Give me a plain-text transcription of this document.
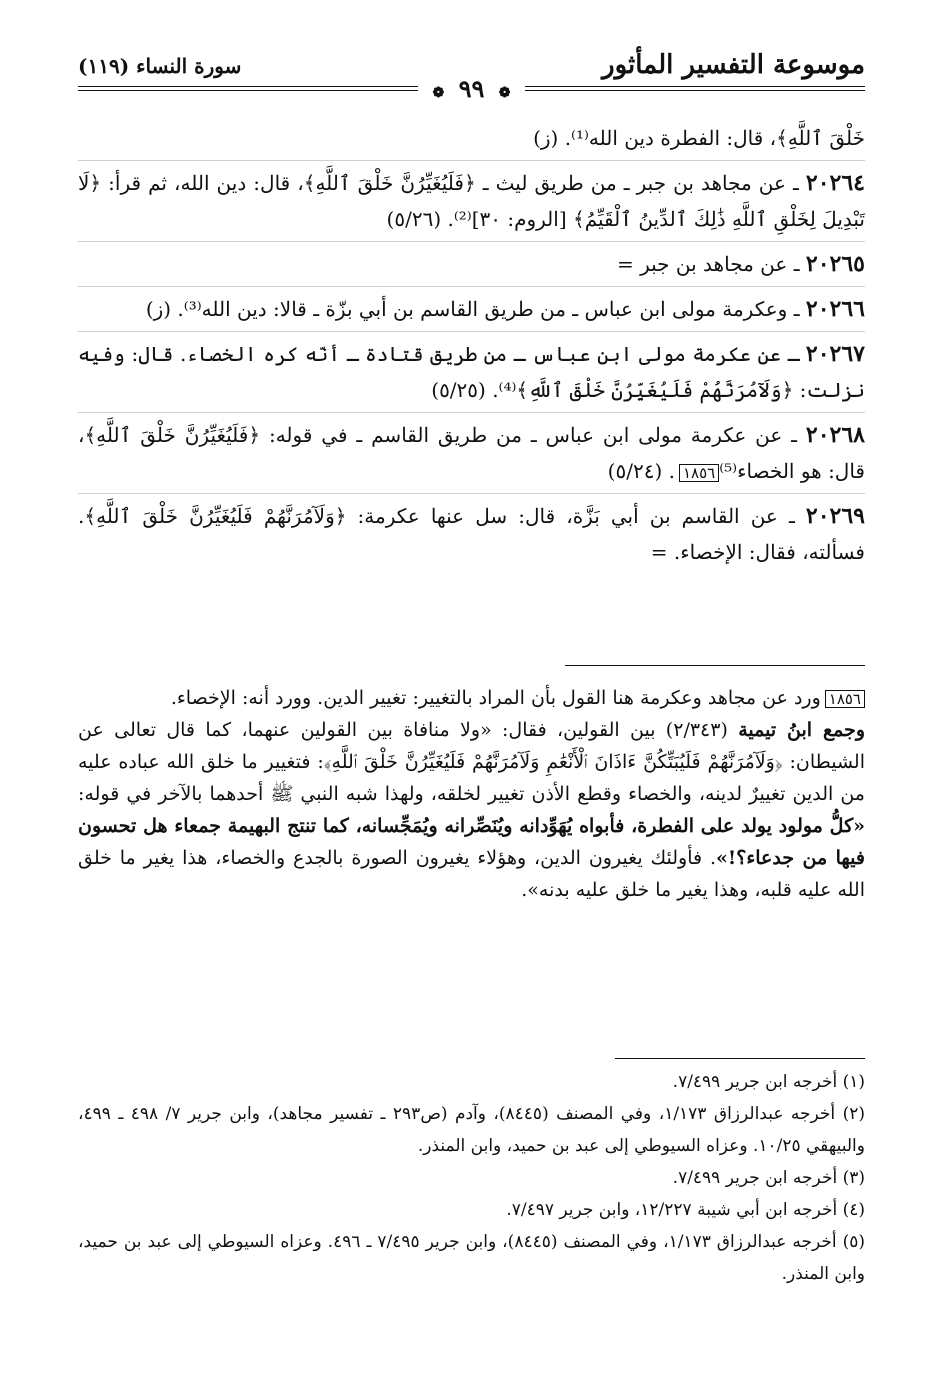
موسوعة التفسير المأثور
سورة النساء (١١٩)
❁ ٩٩ ❁

خَلْقَ ٱللَّهِ﴾، قال: الفطرة دين الله⁽¹⁾. (ز)

٢٠٢٦٤ ـ عن مجاهد بن جبر ـ من طريق ليث ـ ﴿فَلَيُغَيِّرُنَّ خَلْقَ ٱللَّهِ﴾، قال: دين الله، ثم قرأ: ﴿لَا تَبْدِيلَ لِخَلْقِ ٱللَّهِ ذَٰلِكَ ٱلدِّينُ ٱلْقَيِّمُ﴾ [الروم: ٣٠]⁽²⁾. (٥/٢٦)

٢٠٢٦٥ ـ عن مجاهد بن جبر =

٢٠٢٦٦ ـ وعكرمة مولى ابن عباس ـ من طريق القاسم بن أبي بزّة ـ قالا: دين الله⁽³⁾. (ز)

٢٠٢٦٧ ـ عن عكرمة مولى ابن عباس ـ من طريق قتادة ـ أنّه كره الخصاء. قال: وفيه نزلت: ﴿وَلَآمُرَنَّهُمْ فَلَيُغَيِّرُنَّ خَلْقَ ٱللَّهِ﴾⁽⁴⁾. (٥/٢٥)

٢٠٢٦٨ ـ عن عكرمة مولى ابن عباس ـ من طريق القاسم ـ في قوله: ﴿فَلَيُغَيِّرُنَّ خَلْقَ ٱللَّهِ﴾، قال: هو الخصاء⁽⁵⁾١٨٥٦. (٥/٢٤)

٢٠٢٦٩ ـ عن القاسم بن أبي بَزَّة، قال: سل عنها عكرمة: ﴿وَلَآمُرَنَّهُمْ فَلَيُغَيِّرُنَّ خَلْقَ ٱللَّهِ﴾. فسألته، فقال: الإخصاء. =

١٨٥٦ورد عن مجاهد وعكرمة هنا القول بأن المراد بالتغيير: تغيير الدين. وورد أنه: الإخصاء.

وجمع ابنُ تيمية (٢/٣٤٣) بين القولين، فقال: «ولا منافاة بين القولين عنهما، كما قال تعالى عن الشيطان: ﴿وَلَآمُرَنَّهُمْ فَلَيُبَتِّكُنَّ ءَاذَانَ ٱلْأَنْعَٰمِ وَلَآمُرَنَّهُمْ فَلَيُغَيِّرُنَّ خَلْقَ ٱللَّهِ﴾: فتغيير ما خلق الله عباده عليه من الدين تغييرٌ لدينه، والخصاء وقطع الأذن تغيير لخلقه، ولهذا شبه النبي ﷺ أحدهما بالآخر في قوله: «كلُّ مولود يولد على الفطرة، فأبواه يُهَوِّدانه ويُنَصِّرانه ويُمَجِّسانه، كما تنتج البهيمة جمعاء هل تحسون فيها من جدعاء؟!». فأولئك يغيرون الدين، وهؤلاء يغيرون الصورة بالجدع والخصاء، هذا يغير ما خلق الله عليه قلبه، وهذا يغير ما خلق عليه بدنه».

(١) أخرجه ابن جرير ٧/٤٩٩.

(٢) أخرجه عبدالرزاق ١/١٧٣، وفي المصنف (٨٤٤٥)، وآدم (ص٢٩٣ ـ تفسير مجاهد)، وابن جرير ٧/ ٤٩٨ ـ ٤٩٩، والبيهقي ١٠/٢٥. وعزاه السيوطي إلى عبد بن حميد، وابن المنذر.

(٣) أخرجه ابن جرير ٧/٤٩٩.

(٤) أخرجه ابن أبي شيبة ١٢/٢٢٧، وابن جرير ٧/٤٩٧.

(٥) أخرجه عبدالرزاق ١/١٧٣، وفي المصنف (٨٤٤٥)، وابن جرير ٧/٤٩٥ ـ ٤٩٦. وعزاه السيوطي إلى عبد بن حميد، وابن المنذر.
